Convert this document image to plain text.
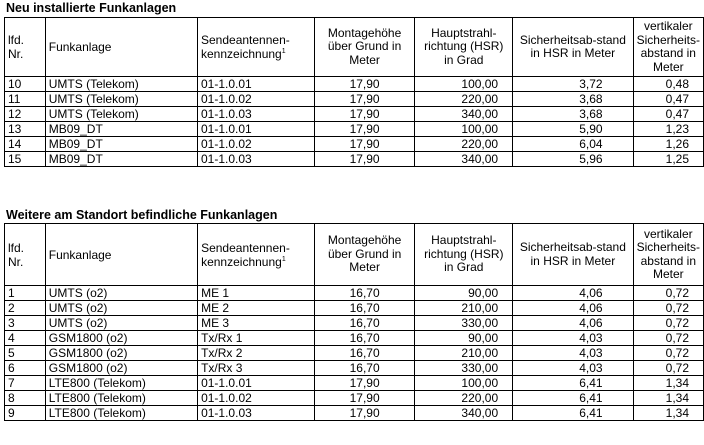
Neu installierte Funkanlagen
lfd. Nr.	Funkanlage	Sendeantennen-kennzeichnung$^1$	Montagehöhe über Grund in Meter	Hauptstrahl-richtung (HSR) in Grad	Sicherheitsab-stand in HSR in Meter	vertikaler Sicherheits-abstand in Meter
10	UMTS (Telekom)	01-1.0.01	17,90	100,00	3,72	0,48
11	UMTS (Telekom)	01-1.0.02	17,90	220,00	3,68	0,47
12	UMTS (Telekom)	01-1.0.03	17,90	340,00	3,68	0,47
13	MB09_DT	01-1.0.01	17,90	100,00	5,90	1,23
14	MB09_DT	01-1.0.02	17,90	220,00	6,04	1,26
15	MB09_DT	01-1.0.03	17,90	340,00	5,96	1,25
Weitere am Standort befindliche Funkanlagen
lfd. Nr.	Funkanlage	Sendeantennen-kennzeichnung$^1$	Montagehöhe über Grund in Meter	Hauptstrahl-richtung (HSR) in Grad	Sicherheitsab-stand in HSR in Meter	vertikaler Sicherheits-abstand in Meter
1	UMTS (o2)	ME 1	16,70	90,00	4,06	0,72
2	UMTS (o2)	ME 2	16,70	210,00	4,06	0,72
3	UMTS (o2)	ME 3	16,70	330,00	4,06	0,72
4	GSM1800 (o2)	Tx/Rx 1	16,70	90,00	4,03	0,72
5	GSM1800 (o2)	Tx/Rx 2	16,70	210,00	4,03	0,72
6	GSM1800 (o2)	Tx/Rx 3	16,70	330,00	4,03	0,72
7	LTE800 (Telekom)	01-1.0.01	17,90	100,00	6,41	1,34
8	LTE800 (Telekom)	01-1.0.02	17,90	220,00	6,41	1,34
9	LTE800 (Telekom)	01-1.0.03	17,90	340,00	6,41	1,34
